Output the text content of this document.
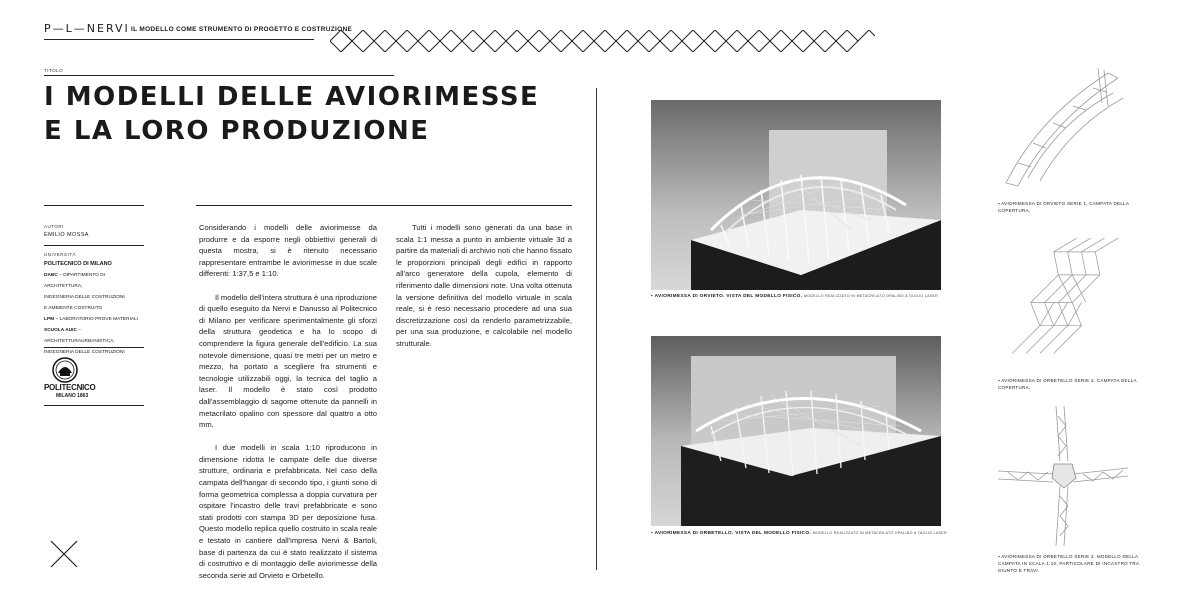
P—L—NERVI IL MODELLO COME STRUMENTO DI PROGETTO E COSTRUZIONE
TITOLO
I MODELLI DELLE AVIORIMESSE
E LA LORO PRODUZIONE
AUTORI
EMILIO MOSSA
UNIVERSITÀ
POLITECNICO DI MILANO
DABC – DIPARTIMENTO DI ARCHITETTURA,
INGEGNERIA DELLE COSTRUZIONI
E AMBIENTE COSTRUITO
LPM – LABORATORIO PROVE MATERIALI
SCUOLA AUIC – ARCHITETTURAURBANISTICA,
INGEGNERIA DELLE COSTRUZIONI
POLITECNICO
MILANO 1863

Considerando i modelli delle aviorimesse da produrre e da esporre negli obbiettivi generali di questa mostra, si è ritenuto necessario rappresentare entrambe le aviorimesse in due scale differenti: 1:37,5 e 1:10.

Il modello dell'intera struttura è una riproduzione di quello eseguito da Nervi e Danusso al Politecnico di Milano per verificare sperimentalmente gli sforzi della struttura geodetica e ha lo scopo di comprendere la figura generale dell'edificio. La sua notevole dimensione, quasi tre metri per un metro e mezzo, ha portato a scegliere fra strumenti e tecnologie utilizzabili oggi, la tecnica del taglio a laser. Il modello è stato così prodotto dall'assemblaggio di sagome ottenute da pannelli in metacrilato opalino con spessore dal quattro a otto mm.

I due modelli in scala 1:10 riproducono in dimensione ridotta le campate delle due diverse strutture, ordinaria e prefabbricata. Nel caso della campata dell'hangar di secondo tipo, i giunti sono di forma geometrica complessa a doppia curvatura per ospitare l'incastro delle travi prefabbricate e sono stati prodotti con stampa 3D per deposizione fusa. Questo modello replica quello costruito in scala reale e testato in cantiere dall'impresa Nervi & Bartoli, base di partenza da cui è stato realizzato il sistema di costruttivo e di montaggio delle aviorimesse della seconda serie ad Orvieto e Orbetello.

Tutti i modelli sono generati da una base in scala 1:1 messa a punto in ambiente virtuale 3d a partire da materiali di archivio noti che hanno fissato le proporzioni principali degli edifici in rapporto all'arco generatore della cupola, elemento di riferimento dalle dimensioni note. Una volta ottenuta la versione definitiva del modello virtuale in scala reale, si è reso necessario procedere ad una sua discretizzazione così da renderlo parametrizzabile, per una sua produzione, e calcolabile nel modello strutturale.

▪ AVIORIMESSA DI ORVIETO. VISTA DEL MODELLO FISICO. MODELLO REALIZZATO IN METACRILATO OPALINO A TAGLIO LASER
▪ AVIORIMESSA DI ORBETELLO. VISTA DEL MODELLO FISICO. MODELLO REALIZZATO IN METACRILATO OPALINO A TAGLIO LASER
▪ AVIORIMESSA DI ORVIETO SERIE 1, CAMPATA DELLA COPERTURA.
▪ AVIORIMESSA DI ORBETELLO SERIE 2, CAMPATA DELLA COPERTURA.
▪ AVIORIMESSA DI ORBETELLO SERIE 2. MODELLO DELLA CAMPATA IN SCALA 1:10, PARTICOLARE DI INCASTRO TRA GIUNTO E TRAVI.
